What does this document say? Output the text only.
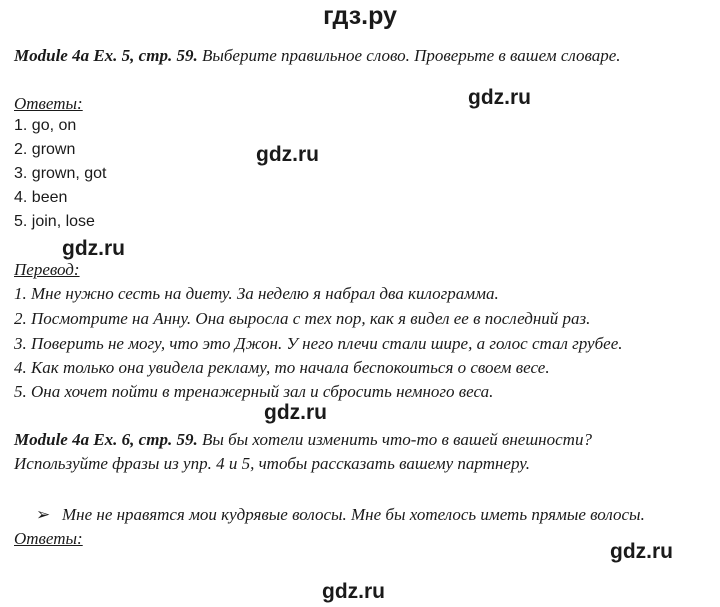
гдз.ру
Module 4a Ex. 5, стр. 59. Выберите правильное слово. Проверьте в вашем словаре.
gdz.ru
Ответы:
1. go, on
2. grown
3. grown, got
4. been
5. join, lose
gdz.ru
gdz.ru
Перевод:
1. Мне нужно сесть на диету. За неделю я набрал два килограмма.
2. Посмотрите на Анну. Она выросла с тех пор, как я видел ее в последний раз.
3. Поверить не могу, что это Джон. У него плечи стали шире, а голос стал грубее.
4. Как только она увидела рекламу, то начала беспокоиться о своем весе.
5. Она хочет пойти в тренажерный зал и сбросить немного веса.
gdz.ru
Module 4a Ex. 6, стр. 59. Вы бы хотели изменить что-то в вашей внешности?
Используйте фразы из упр. 4 и 5, чтобы рассказать вашему партнеру.
➢ Мне не нравятся мои кудрявые волосы. Мне бы хотелось иметь прямые волосы.
Ответы:
gdz.ru
gdz.ru
